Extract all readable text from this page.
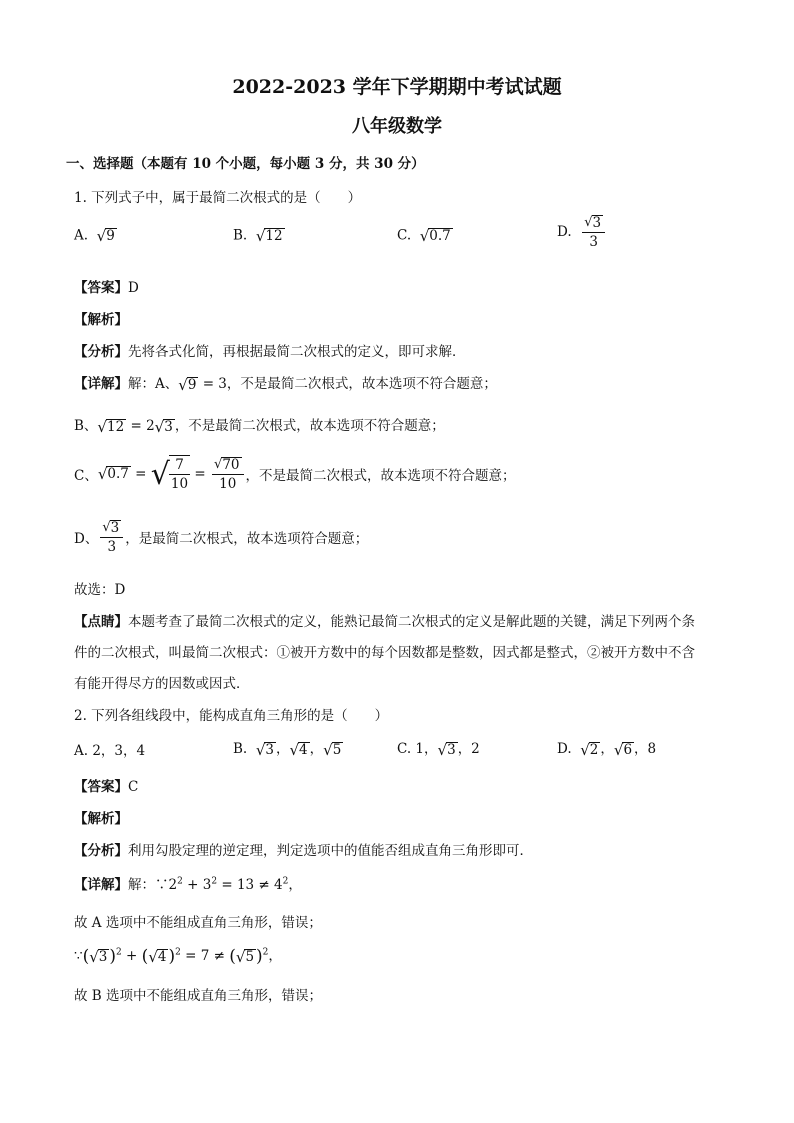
2022-2023 学年下学期期中考试试题
八年级数学
一、选择题（本题有 10 个小题，每小题 3 分，共 30 分）
1. 下列式子中，属于最简二次根式的是（　　）
A. √9	B. √12	C. √0.7	D. $\frac{√3}{3}$
【答案】D
【解析】
【分析】先将各式化简，再根据最简二次根式的定义，即可求解．
【详解】解：A、√9 = 3，不是最简二次根式，故本选项不符合题意；
B、√12 = 2√3 ，不是最简二次根式，故本选项不符合题意；
C、√0.7 = √ $\frac{7}{10} = \frac{√70}{10}$ ，不是最简二次根式，故本选项不符合题意；
D、 $\frac{√3}{3}$ ，是最简二次根式，故本选项符合题意；
故选：D
【点睛】本题考查了最简二次根式的定义，能熟记最简二次根式的定义是解此题的关键，满足下列两个条
件的二次根式，叫最简二次根式：①被开方数中的每个因数都是整数，因式都是整式，②被开方数中不含
有能开得尽方的因数或因式．
2. 下列各组线段中，能构成直角三角形的是（　　）
A. 2，3，4	B. √3 ，√4 ，√5	C. 1，√3 ，2	D. √2 ，√6 ，8
【答案】C
【解析】
【分析】利用勾股定理的逆定理，判定选项中的值能否组成直角三角形即可．
【详解】解：$\because 2^2 + 3^2 = 13 \ne 4^2$，
故 A 选项中不能组成直角三角形，错误；
∵(√3 )$^2$ + (√4 )$^2$ = 7 ≠ (√5 )$^2$，
故 B 选项中不能组成直角三角形，错误；
